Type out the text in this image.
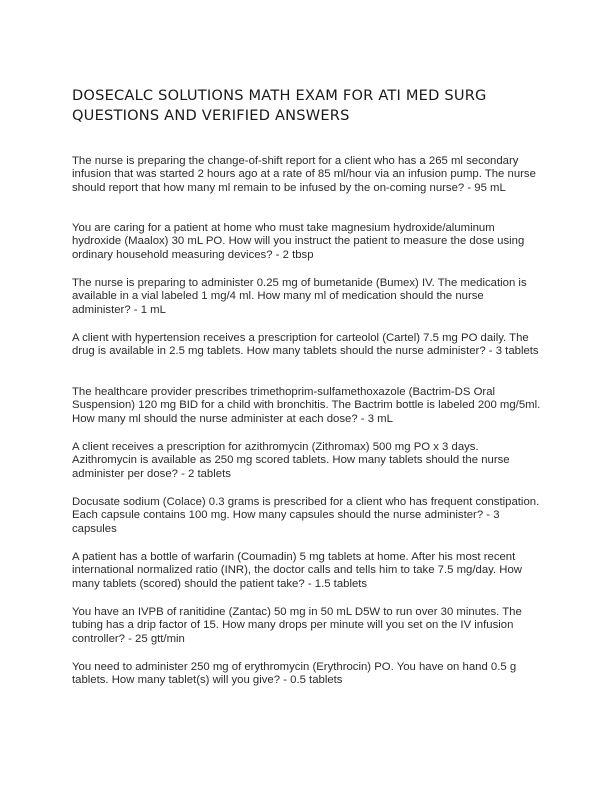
DOSECALC SOLUTIONS MATH EXAM FOR ATI MED SURG
QUESTIONS AND VERIFIED ANSWERS

The nurse is preparing the change-of-shift report for a client who has a 265 ml secondary infusion that was started 2 hours ago at a rate of 85 ml/hour via an infusion pump. The nurse should report that how many ml remain to be infused by the on-coming nurse? - 95 mL

You are caring for a patient at home who must take magnesium hydroxide/aluminum hydroxide (Maalox) 30 mL PO. How will you instruct the patient to measure the dose using ordinary household measuring devices? - 2 tbsp

The nurse is preparing to administer 0.25 mg of bumetanide (Bumex) IV. The medication is available in a vial labeled 1 mg/4 ml. How many ml of medication should the nurse administer? - 1 mL

A client with hypertension receives a prescription for carteolol (Cartel) 7.5 mg PO daily. The drug is available in 2.5 mg tablets. How many tablets should the nurse administer? - 3 tablets

The healthcare provider prescribes trimethoprim-sulfamethoxazole (Bactrim-DS Oral Suspension) 120 mg BID for a child with bronchitis. The Bactrim bottle is labeled 200 mg/5ml. How many ml should the nurse administer at each dose? - 3 mL

A client receives a prescription for azithromycin (Zithromax) 500 mg PO x 3 days. Azithromycin is available as 250 mg scored tablets. How many tablets should the nurse administer per dose? - 2 tablets

Docusate sodium (Colace) 0.3 grams is prescribed for a client who has frequent constipation. Each capsule contains 100 mg. How many capsules should the nurse administer? - 3 capsules

A patient has a bottle of warfarin (Coumadin) 5 mg tablets at home. After his most recent international normalized ratio (INR), the doctor calls and tells him to take 7.5 mg/day. How many tablets (scored) should the patient take? - 1.5 tablets

You have an IVPB of ranitidine (Zantac) 50 mg in 50 mL D5W to run over 30 minutes. The tubing has a drip factor of 15. How many drops per minute will you set on the IV infusion controller? - 25 gtt/min

You need to administer 250 mg of erythromycin (Erythrocin) PO. You have on hand 0.5 g tablets. How many tablet(s) will you give? - 0.5 tablets
